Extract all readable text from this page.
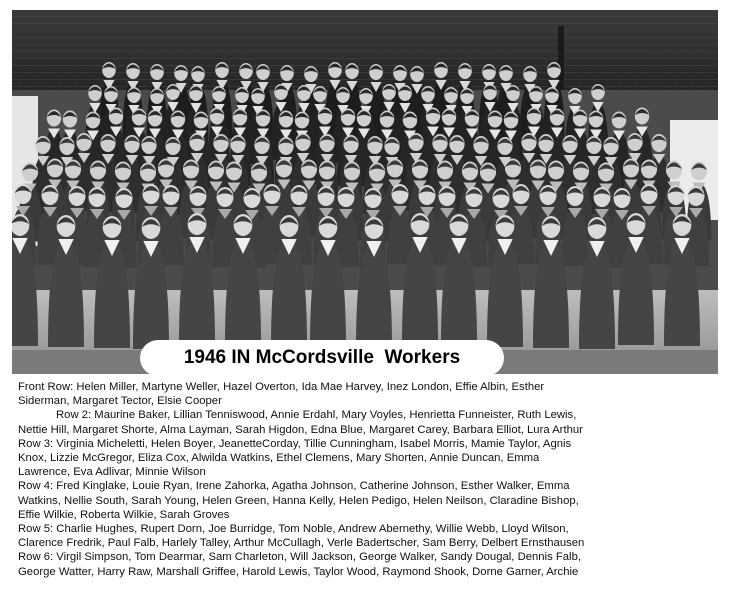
1946 IN McCordsville  Workers

Front Row: Helen Miller, Martyne Weller, Hazel Overton, Ida Mae Harvey, Inez London, Effie Albin, Esther

Siderman, Margaret Tector, Elsie Cooper

Row 2: Maurine Baker, Lillian Tenniswood, Annie Erdahl, Mary Voyles, Henrietta Funneister, Ruth Lewis,

Nettie Hill, Margaret Shorte, Alma Layman, Sarah Higdon, Edna Blue, Margaret Carey, Barbara Elliot, Lura Arthur

Row 3: Virginia Micheletti, Helen Boyer, JeanetteCorday, Tillie Cunningham, Isabel Morris, Mamie Taylor, Agnis

Knox, Lizzie McGregor, Eliza Cox, Alwilda Watkins, Ethel Clemens, Mary Shorten, Annie Duncan, Emma

Lawrence, Eva Adlivar, Minnie Wilson

Row 4: Fred Kinglake, Louie Ryan, Irene Zahorka, Agatha Johnson, Catherine Johnson, Esther Walker, Emma

Watkins, Nellie South, Sarah Young, Helen Green, Hanna Kelly, Helen Pedigo, Helen Neilson, Claradine Bishop,

Effie Wilkie, Roberta Wilkie, Sarah Groves

Row 5: Charlie Hughes, Rupert Dorn, Joe Burridge, Tom Noble, Andrew Abernethy, Willie Webb, Lloyd Wilson,

Clarence Fredrik, Paul Falb, Harlely Talley, Arthur McCullagh, Verle Badertscher, Sam Berry, Delbert Ernsthausen

Row 6: Virgil Simpson, Tom Dearmar, Sam Charleton, Will Jackson, George Walker, Sandy Dougal, Dennis Falb,

George Watter, Harry Raw, Marshall Griffee, Harold Lewis, Taylor Wood, Raymond Shook, Dorne Garner, Archie
